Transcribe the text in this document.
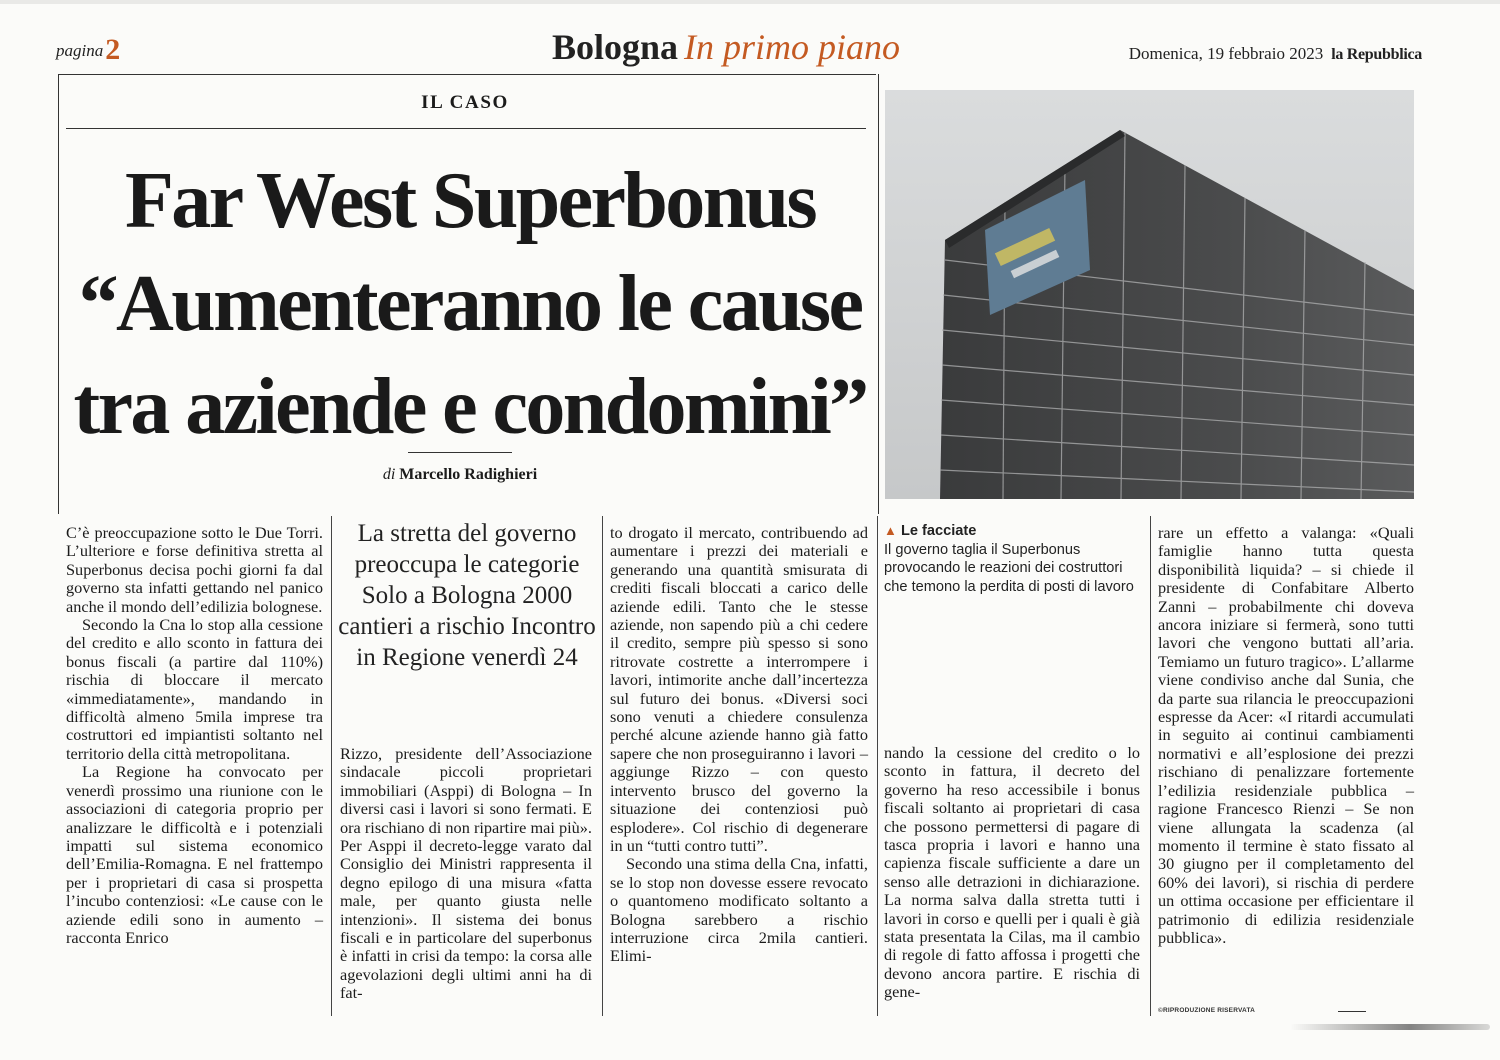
pagina2	Bologna In primo piano	Domenica, 19 febbraio 2023 la Repubblica
IL CASO
Far West Superbonus
“Aumenteranno le cause
tra aziende e condomini”
di Marcello Radighieri
La stretta del governo preoccupa le categorie Solo a Bologna 2000 cantieri a rischio Incontro in Regione venerdì 24
▲ Le facciate
Il governo taglia il Superbonus provocando le reazioni dei costruttori che temono la perdita di posti di lavoro

C’è preoccupazione sotto le Due Torri. L’ulteriore e forse definitiva stretta al Superbonus decisa pochi giorni fa dal governo sta infatti gettando nel panico anche il mondo dell’edilizia bolognese.

Secondo la Cna lo stop alla cessione del credito e allo sconto in fattura dei bonus fiscali (a partire dal 110%) rischia di bloccare il mercato «immediatamente», mandando in difficoltà almeno 5mila imprese tra costruttori ed impiantisti soltanto nel territorio della città metropolitana.

La Regione ha convocato per venerdì prossimo una riunione con le associazioni di categoria proprio per analizzare le difficoltà e i potenziali impatti sul sistema economico dell’Emilia-Romagna. E nel frattempo per i proprietari di casa si prospetta l’incubo contenziosi: «Le cause con le aziende edili sono in aumento – racconta Enrico

Rizzo, presidente dell’Associazione sindacale piccoli proprietari immobiliari (Asppi) di Bologna – In diversi casi i lavori si sono fermati. E ora rischiano di non ripartire mai più». Per Asppi il decreto-legge varato dal Consiglio dei Ministri rappresenta il degno epilogo di una misura «fatta male, per quanto giusta nelle intenzioni». Il sistema dei bonus fiscali e in particolare del superbonus è infatti in crisi da tempo: la corsa alle agevolazioni degli ultimi anni ha di fat-

to drogato il mercato, contribuendo ad aumentare i prezzi dei materiali e generando una quantità smisurata di crediti fiscali bloccati a carico delle aziende edili. Tanto che le stesse aziende, non sapendo più a chi cedere il credito, sempre più spesso si sono ritrovate costrette a interrompere i lavori, intimorite anche dall’incertezza sul futuro dei bonus. «Diversi soci sono venuti a chiedere consulenza perché alcune aziende hanno già fatto sapere che non proseguiranno i lavori – aggiunge Rizzo – con questo intervento brusco del governo la situazione dei contenziosi può esplodere». Col rischio di degenerare in un “tutti contro tutti”.

Secondo una stima della Cna, infatti, se lo stop non dovesse essere revocato o quantomeno modificato soltanto a Bologna sarebbero a rischio interruzione circa 2mila cantieri. Elimi-

nando la cessione del credito o lo sconto in fattura, il decreto del governo ha reso accessibile i bonus fiscali soltanto ai proprietari di casa che possono permettersi di pagare di tasca propria i lavori e hanno una capienza fiscale sufficiente a dare un senso alle detrazioni in dichiarazione. La norma salva dalla stretta tutti i lavori in corso e quelli per i quali è già stata presentata la Cilas, ma il cambio di regole di fatto affossa i progetti che devono ancora partire. E rischia di gene-

rare un effetto a valanga: «Quali famiglie hanno tutta questa disponibilità liquida? – si chiede il presidente di Confabitare Alberto Zanni – probabilmente chi doveva ancora iniziare si fermerà, sono tutti lavori che vengono buttati all’aria. Temiamo un futuro tragico». L’allarme viene condiviso anche dal Sunia, che da parte sua rilancia le preoccupazioni espresse da Acer: «I ritardi accumulati in seguito ai continui cambiamenti normativi e all’esplosione dei prezzi rischiano di penalizzare fortemente l’edilizia residenziale pubblica – ragione Francesco Rienzi – Se non viene allungata la scadenza (al momento il termine è stato fissato al 30 giugno per il completamento del 60% dei lavori), si rischia di perdere un ottima occasione per efficientare il patrimonio di edilizia residenziale pubblica».

©RIPRODUZIONE RISERVATA
